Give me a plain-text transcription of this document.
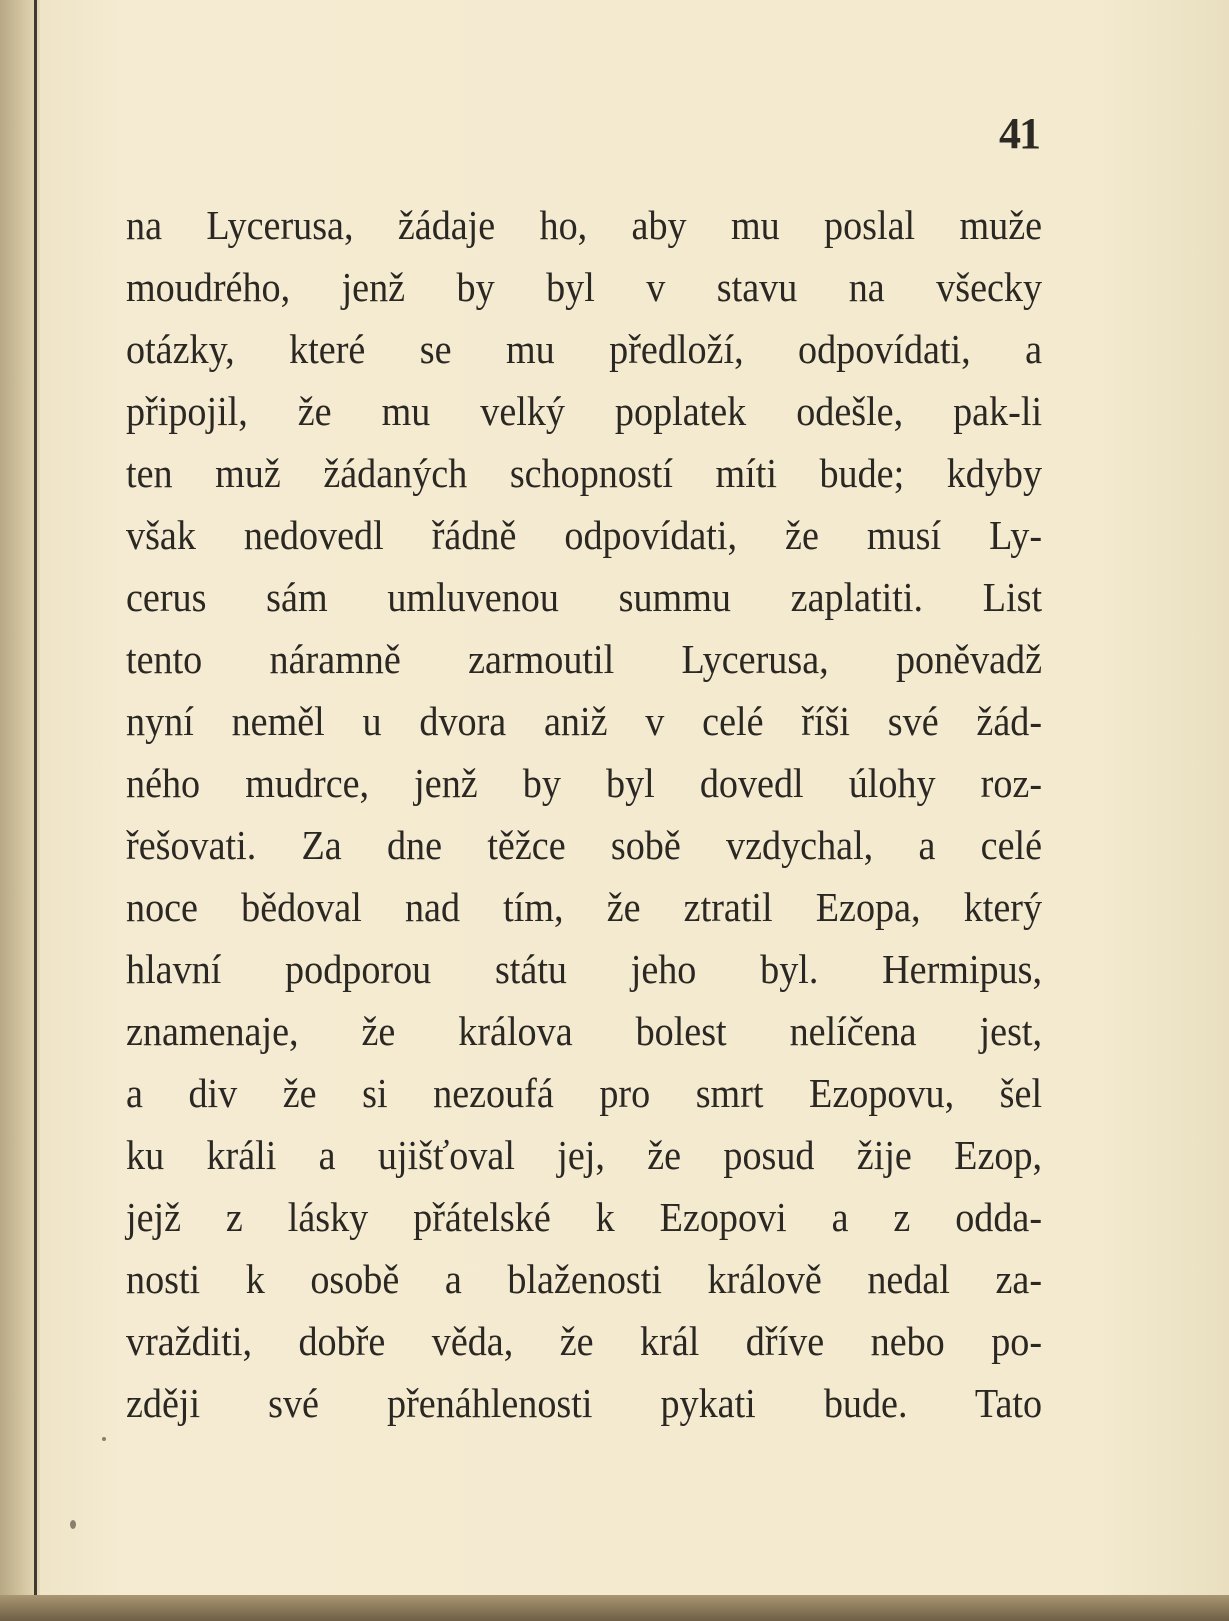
41
na Lycerusa, žádaje ho, aby mu poslal muže
moudrého, jenž by byl v stavu na všecky
otázky, které se mu předloží, odpovídati, a
připojil, že mu velký poplatek odešle, pak-li
ten muž žádaných schopností míti bude; kdyby
však nedovedl řádně odpovídati, že musí Ly-
cerus sám umluvenou summu zaplatiti. List
tento náramně zarmoutil Lycerusa, poněvadž
nyní neměl u dvora aniž v celé říši své žád-
ného mudrce, jenž by byl dovedl úlohy roz-
řešovati. Za dne těžce sobě vzdychal, a celé
noce bědoval nad tím, že ztratil Ezopa, který
hlavní podporou státu jeho byl. Hermipus,
znamenaje, že králova bolest nelíčena jest,
a div že si nezoufá pro smrt Ezopovu, šel
ku králi a ujišťoval jej, že posud žije Ezop,
jejž z lásky přátelské k Ezopovi a z odda-
nosti k osobě a blaženosti králově nedal za-
vražditi, dobře věda, že král dříve nebo po-
zději své přenáhlenosti pykati bude. Tato
